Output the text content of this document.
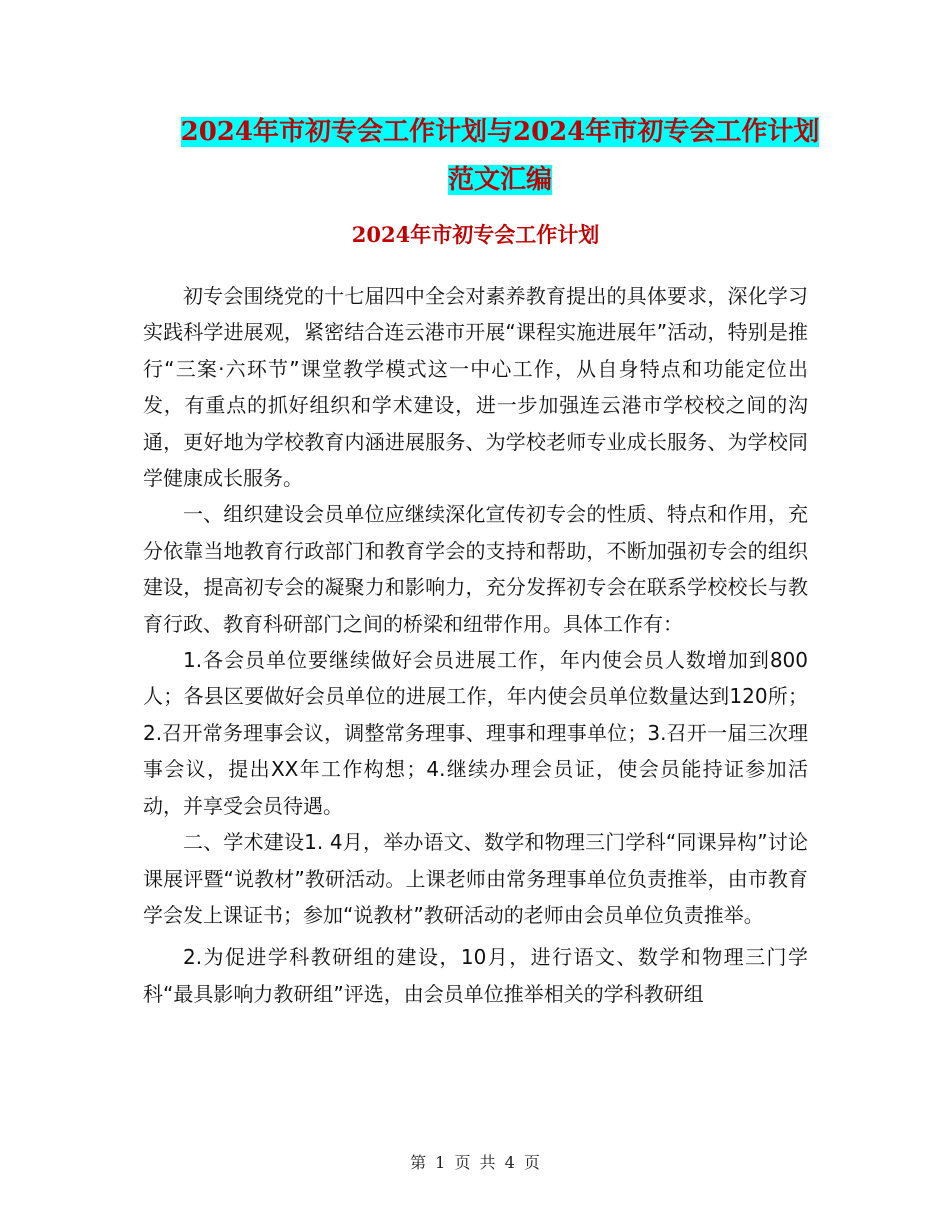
2024年市初专会工作计划与2024年市初专会工作计划
范文汇编
2024年市初专会工作计划

初专会围绕党的十七届四中全会对素养教育提出的具体要求，深化学习实践科学进展观，紧密结合连云港市开展“课程实施进展年”活动，特别是推行“三案·六环节”课堂教学模式这一中心工作，从自身特点和功能定位出发，有重点的抓好组织和学术建设，进一步加强连云港市学校校之间的沟通，更好地为学校教育内涵进展服务、为学校老师专业成长服务、为学校同学健康成长服务。

一、组织建设会员单位应继续深化宣传初专会的性质、特点和作用，充分依靠当地教育行政部门和教育学会的支持和帮助，不断加强初专会的组织建设，提高初专会的凝聚力和影响力，充分发挥初专会在联系学校校长与教育行政、教育科研部门之间的桥梁和纽带作用。具体工作有：

1.各会员单位要继续做好会员进展工作，年内使会员人数增加到800人；各县区要做好会员单位的进展工作，年内使会员单位数量达到120所；2.召开常务理事会议，调整常务理事、理事和理事单位；3.召开一届三次理事会议，提出XX年工作构想；4.继续办理会员证，使会员能持证参加活动，并享受会员待遇。

二、学术建设1. 4月，举办语文、数学和物理三门学科“同课异构”讨论课展评暨“说教材”教研活动。上课老师由常务理事单位负责推举，由市教育学会发上课证书；参加“说教材”教研活动的老师由会员单位负责推举。

2.为促进学科教研组的建设，10月，进行语文、数学和物理三门学科“最具影响力教研组”评选，由会员单位推举相关的学科教研组

第 1 页 共 4 页
